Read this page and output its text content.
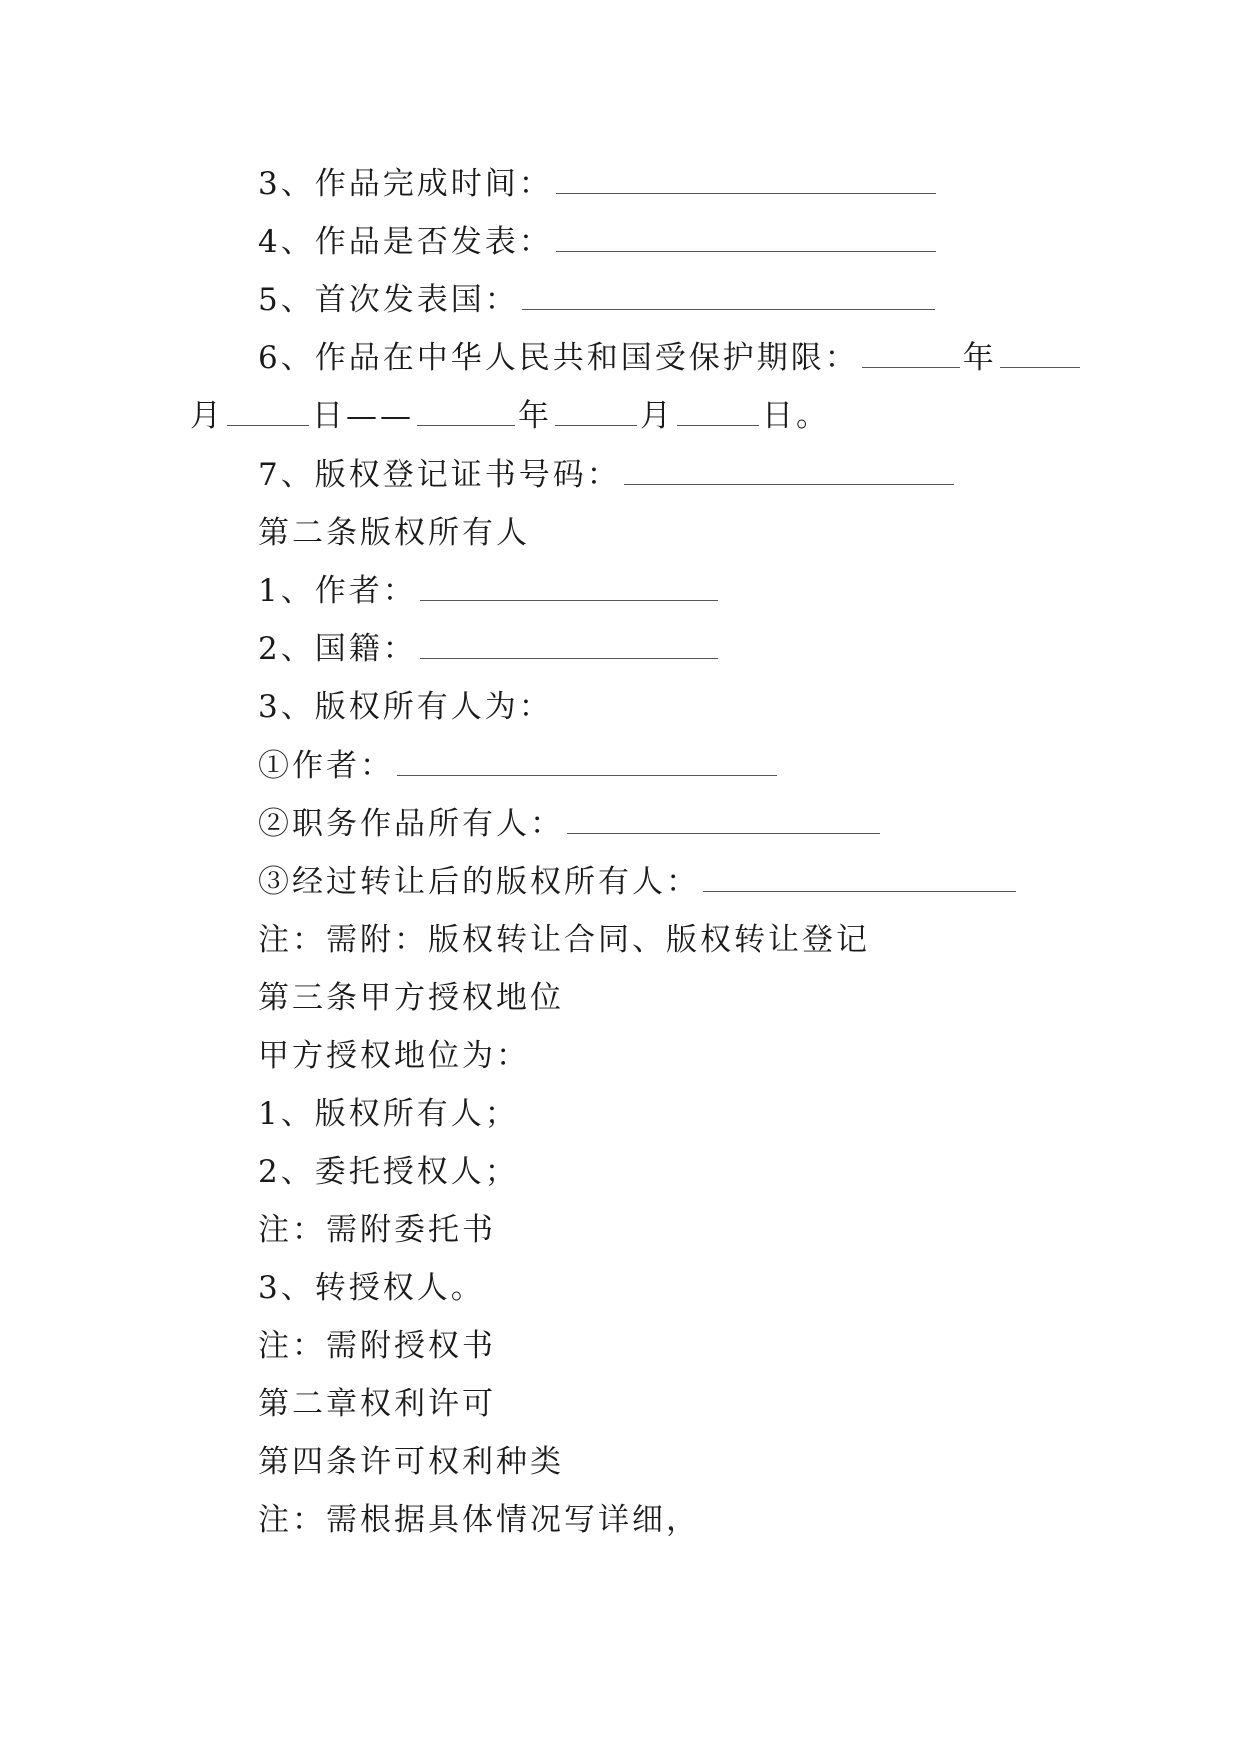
3、作品完成时间：
4、作品是否发表：
5、首次发表国：
6、作品在中华人民共和国受保护期限：	年
月	日——	年	月	日。
7、版权登记证书号码：
第二条版权所有人
1、作者：
2、国籍：
3、版权所有人为：
①作者：
②职务作品所有人：
③经过转让后的版权所有人：
注：需附：版权转让合同、版权转让登记
第三条甲方授权地位
甲方授权地位为：
1、版权所有人；
2、委托授权人；
注：需附委托书
3、转授权人。
注：需附授权书
第二章权利许可
第四条许可权利种类
注：需根据具体情况写详细，
